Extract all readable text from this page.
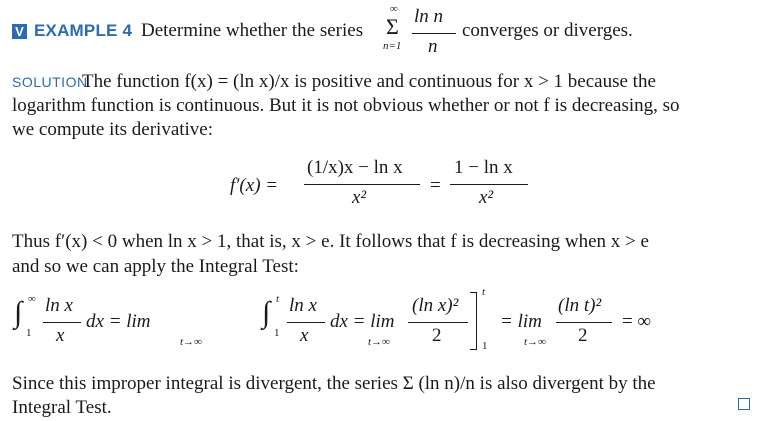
V EXAMPLE 4 Determine whether the series
∞
Σ
n=1
ln n
n
converges or diverges.
SOLUTION
The function f(x) = (ln x)/x is positive and continuous for x > 1 because the
logarithm function is continuous. But it is not obvious whether or not f is decreasing, so
we compute its derivative:
f′(x) =
(1/x)x − ln x
x²
=
1 − ln x
x²
Thus f′(x) < 0 when ln x > 1, that is, x > e. It follows that f is decreasing when x > e
and so we can apply the Integral Test:
∫ ∞
1
ln x
x
dx = lim
t→∞
∫ t
1
ln x
x
dx = lim
t→∞
(ln x)²
2
t
1
= lim
t→∞
(ln t)²
2
= ∞
Since this improper integral is divergent, the series Σ (ln n)/n is also divergent by the
Integral Test.
